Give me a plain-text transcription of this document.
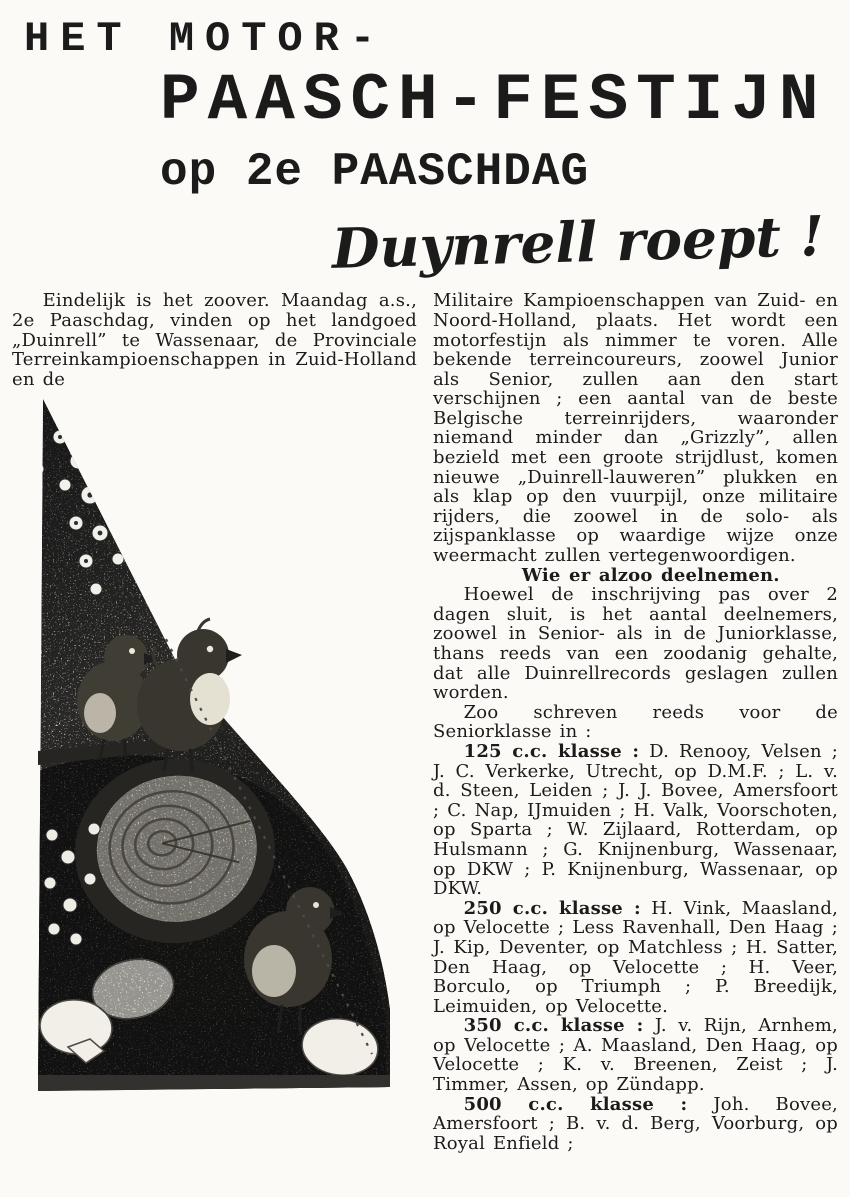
HET MOTOR-
PAASCH-FESTIJN
op 2e PAASCHDAG
Duynrell roept !

Eindelijk is het zoover. Maandag a.s., 2e Paaschdag, vinden op het landgoed „Duinrell” te Wassenaar, de Provinciale Terreinkampioenschappen in Zuid-Holland en de

Militaire Kampioenschappen van Zuid- en Noord-Holland, plaats. Het wordt een motorfestijn als nimmer te voren. Alle bekende terreincoureurs, zoowel Junior als Senior, zullen aan den start verschijnen ; een aantal van de beste Belgische terreinrijders, waaronder niemand minder dan „Grizzly”, allen bezield met een groote strijdlust, komen nieuwe „Duinrell-lauweren” plukken en als klap op den vuurpijl, onze militaire rijders, die zoowel in de solo- als zijspanklasse op waardige wijze onze weermacht zullen vertegenwoordigen.

Wie er alzoo deelnemen.

Hoewel de inschrijving pas over 2 dagen sluit, is het aantal deelnemers, zoowel in Senior- als in de Juniorklasse, thans reeds van een zoodanig gehalte, dat alle Duinrellrecords geslagen zullen worden.

Zoo schreven reeds voor de Seniorklasse in :

125 c.c. klasse : D. Renooy, Velsen ; J. C. Verkerke, Utrecht, op D.M.F. ; L. v. d. Steen, Leiden ; J. J. Bovee, Amersfoort ; C. Nap, IJmuiden ; H. Valk, Voorschoten, op Sparta ; W. Zijlaard, Rotterdam, op Hulsmann ; G. Knijnenburg, Wassenaar, op DKW ; P. Knijnenburg, Wassenaar, op DKW.

250 c.c. klasse : H. Vink, Maasland, op Velocette ; Less Ravenhall, Den Haag ; J. Kip, Deventer, op Matchless ; H. Satter, Den Haag, op Velocette ; H. Veer, Borculo, op Triumph ; P. Breedijk, Leimuiden, op Velocette.

350 c.c. klasse : J. v. Rijn, Arnhem, op Velocette ; A. Maasland, Den Haag, op Velocette ; K. v. Breenen, Zeist ; J. Timmer, Assen, op Zündapp.

500 c.c. klasse : Joh. Bovee, Amersfoort ; B. v. d. Berg, Voorburg, op Royal Enfield ;
